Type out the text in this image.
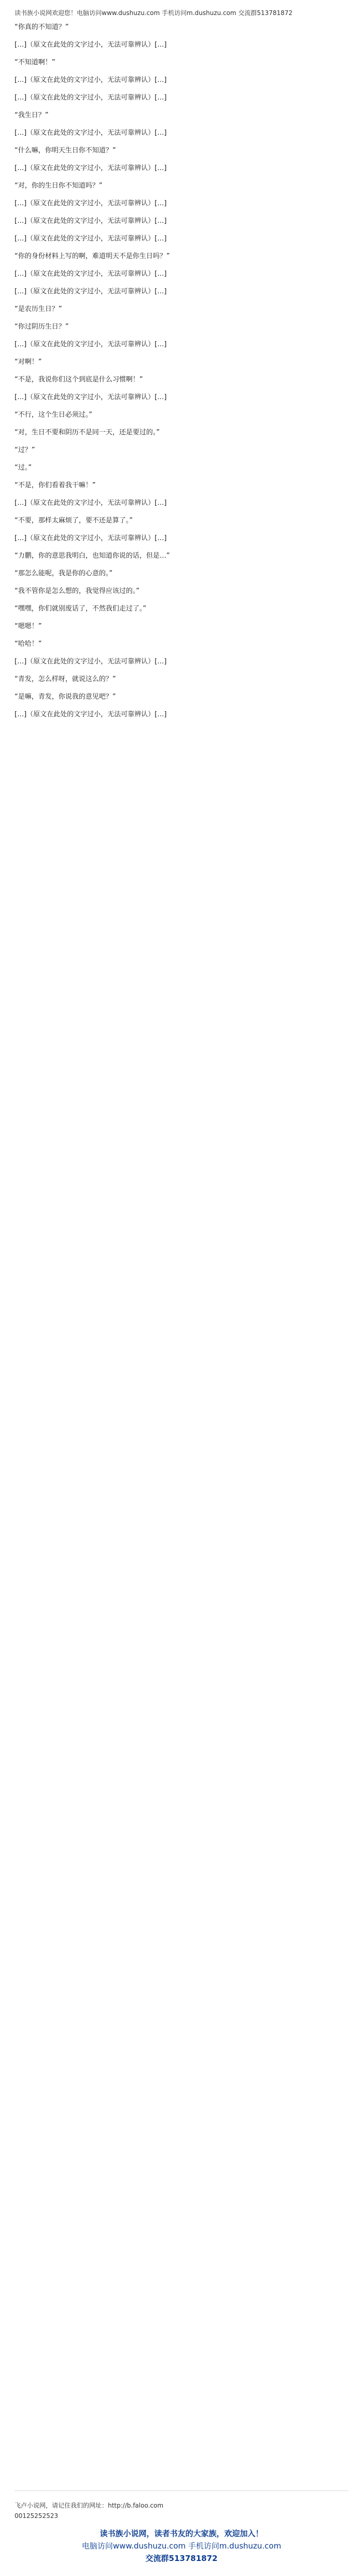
读书族小说网欢迎您！电脑访问www.dushuzu.com 手机访问m.dushuzu.com 交流群513781872

“你真的不知道？”

[…]（原文在此处的文字过小，无法可靠辨认）[…]

“不知道啊！”

[…]（原文在此处的文字过小，无法可靠辨认）[…]

[…]（原文在此处的文字过小，无法可靠辨认）[…]

“我生日？”

[…]（原文在此处的文字过小，无法可靠辨认）[…]

“什么嘛，你明天生日你不知道？”

[…]（原文在此处的文字过小，无法可靠辨认）[…]

“对，你的生日你不知道吗？”

[…]（原文在此处的文字过小，无法可靠辨认）[…]

[…]（原文在此处的文字过小，无法可靠辨认）[…]

[…]（原文在此处的文字过小，无法可靠辨认）[…]

“你的身份材料上写的啊，难道明天不是你生日吗？”

[…]（原文在此处的文字过小，无法可靠辨认）[…]

[…]（原文在此处的文字过小，无法可靠辨认）[…]

“是农历生日？”

“你过阴历生日？”

[…]（原文在此处的文字过小，无法可靠辨认）[…]

“对啊！”

“不是，我说你们这个到底是什么习惯啊！”

[…]（原文在此处的文字过小，无法可靠辨认）[…]

“不行，这个生日必须过。”

“对，生日不要和阴历不是同一天，还是要过的。”

“过？”

“过。”

“不是，你们看着我干嘛！”

[…]（原文在此处的文字过小，无法可靠辨认）[…]

“不要，那样太麻烦了，要不还是算了。”

[…]（原文在此处的文字过小，无法可靠辨认）[…]

“力鹏，你的意思我明白，也知道你说的话，但是…”

“那怎么能呢，我是你的心意的。”

“我不管你是怎么想的，我觉得应该过的。”

“嘿嘿，你们就别废话了，不然我们走过了。”

“嗯嗯！”

“哈哈！”

[…]（原文在此处的文字过小，无法可靠辨认）[…]

“青发，怎么样呀，就说这么的？”

“是嘛，青发，你说我的意见吧？”

[…]（原文在此处的文字过小，无法可靠辨认）[…]

飞卢小说网，请记住我们的网址：http://b.faloo.com
00125252523
读书族小说网，读者书友的大家族，欢迎加入！
电脑访问www.dushuzu.com 手机访问m.dushuzu.com
交流群513781872
